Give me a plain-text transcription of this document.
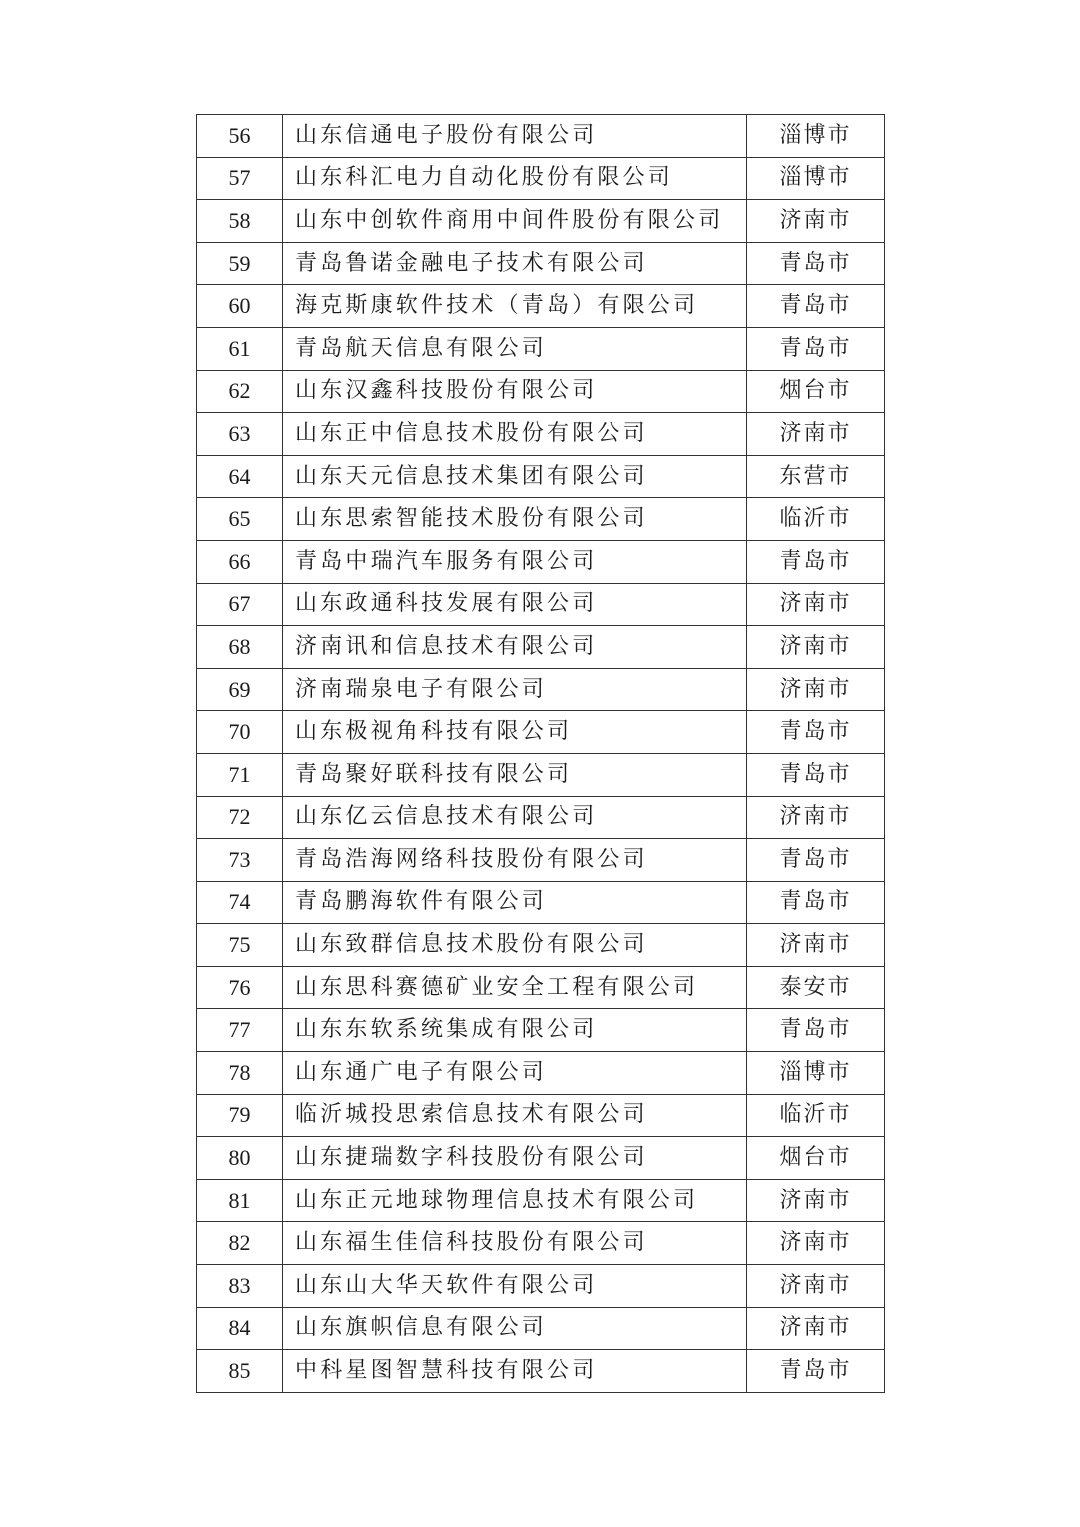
56	山东信通电子股份有限公司	淄博市
57	山东科汇电力自动化股份有限公司	淄博市
58	山东中创软件商用中间件股份有限公司	济南市
59	青岛鲁诺金融电子技术有限公司	青岛市
60	海克斯康软件技术（青岛）有限公司	青岛市
61	青岛航天信息有限公司	青岛市
62	山东汉鑫科技股份有限公司	烟台市
63	山东正中信息技术股份有限公司	济南市
64	山东天元信息技术集团有限公司	东营市
65	山东思索智能技术股份有限公司	临沂市
66	青岛中瑞汽车服务有限公司	青岛市
67	山东政通科技发展有限公司	济南市
68	济南讯和信息技术有限公司	济南市
69	济南瑞泉电子有限公司	济南市
70	山东极视角科技有限公司	青岛市
71	青岛聚好联科技有限公司	青岛市
72	山东亿云信息技术有限公司	济南市
73	青岛浩海网络科技股份有限公司	青岛市
74	青岛鹏海软件有限公司	青岛市
75	山东致群信息技术股份有限公司	济南市
76	山东思科赛德矿业安全工程有限公司	泰安市
77	山东东软系统集成有限公司	青岛市
78	山东通广电子有限公司	淄博市
79	临沂城投思索信息技术有限公司	临沂市
80	山东捷瑞数字科技股份有限公司	烟台市
81	山东正元地球物理信息技术有限公司	济南市
82	山东福生佳信科技股份有限公司	济南市
83	山东山大华天软件有限公司	济南市
84	山东旗帜信息有限公司	济南市
85	中科星图智慧科技有限公司	青岛市
